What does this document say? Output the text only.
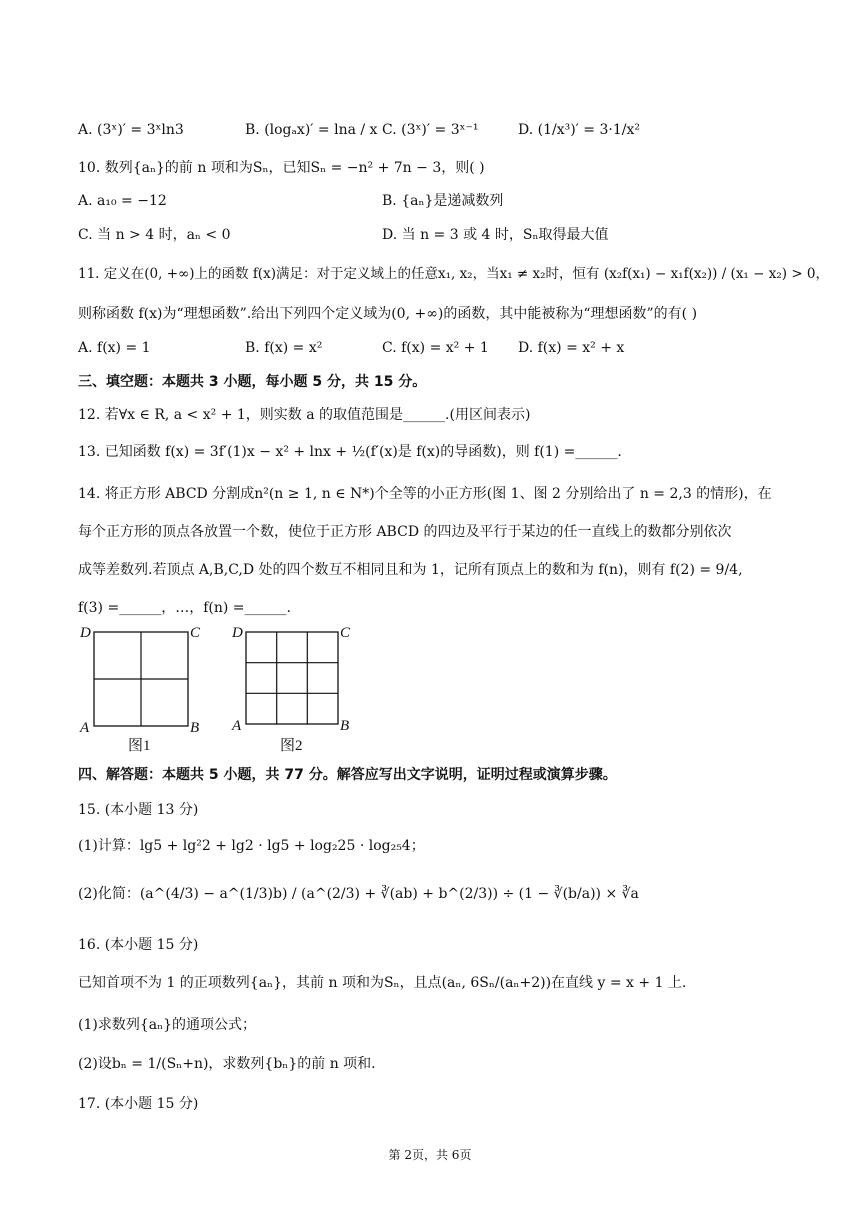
A. (3ˣ)′ = 3ˣln3	B. (logₐx)′ = lna / x C. (3ˣ)′ = 3ˣ⁻¹	D. (1/x³)′ = 3·1/x²
10. 数列{aₙ}的前 n 项和为Sₙ，已知Sₙ = −n² + 7n − 3，则( )
A. a₁₀ = −12	B. {aₙ}是递减数列
C. 当 n > 4 时，aₙ < 0	D. 当 n = 3 或 4 时，Sₙ取得最大值
11. 定义在(0, +∞)上的函数 f(x)满足：对于定义域上的任意x₁, x₂，当x₁ ≠ x₂时，恒有 (x₂f(x₁) − x₁f(x₂)) / (x₁ − x₂) > 0，
则称函数 f(x)为“理想函数”.给出下列四个定义域为(0, +∞)的函数，其中能被称为“理想函数”的有( )
A. f(x) = 1	B. f(x) = x²	C. f(x) = x² + 1 D. f(x) = x² + x
三、填空题：本题共 3 小题，每小题 5 分，共 15 分。
12. 若∀x ∈ R, a < x² + 1，则实数 a 的取值范围是______.(用区间表示)
13. 已知函数 f(x) = 3f′(1)x − x² + lnx + ½(f′(x)是 f(x)的导函数)，则 f(1) =______.
14. 将正方形 ABCD 分割成n²(n ≥ 1, n ∈ N*)个全等的小正方形(图 1、图 2 分别给出了 n = 2,3 的情形)，在
每个正方形的顶点各放置一个数，使位于正方形 ABCD 的四边及平行于某边的任一直线上的数都分别依次
成等差数列.若顶点 A,B,C,D 处的四个数互不相同且和为 1，记所有顶点上的数和为 f(n)，则有 f(2) = 9/4,
f(3) =______，…，f(n) =______.
D	C
A	B
图1
D	C
A	B
图2
四、解答题：本题共 5 小题，共 77 分。解答应写出文字说明，证明过程或演算步骤。
15. (本小题 13 分)
(1)计算：lg5 + lg²2 + lg2 · lg5 + log₂25 · log₂₅4；
(2)化简：(a^(4/3) − a^(1/3)b) / (a^(2/3) + ∛(ab) + b^(2/3)) ÷ (1 − ∛(b/a)) × ∛a
16. (本小题 15 分)
已知首项不为 1 的正项数列{aₙ}，其前 n 项和为Sₙ，且点(aₙ, 6Sₙ/(aₙ+2))在直线 y = x + 1 上.
(1)求数列{aₙ}的通项公式；
(2)设bₙ = 1/(Sₙ+n)，求数列{bₙ}的前 n 项和.
17. (本小题 15 分)
第 2页，共 6页
